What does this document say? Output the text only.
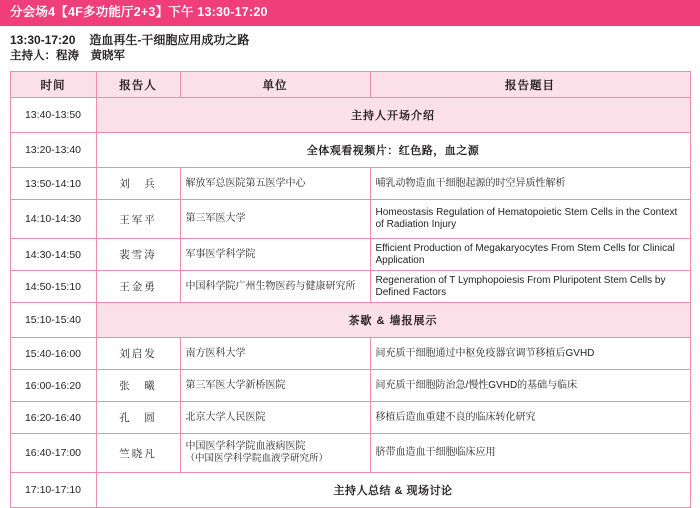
分会场4【4F多功能厅2+3】下午 13:30-17:20
13:30-17:20 造血再生-干细胞应用成功之路
主持人：程涛　黄晓军
时间	报告人	单位	报告题目
13:40-13:50	主持人开场介绍		
13:20-13:40	全体观看视频片：红色路，血之源		
13:50-14:10	刘　兵	解放军总医院第五医学中心	哺乳动物造血干细胞起源的时空异质性解析
14:10-14:30	王军平	第三军医大学	Homeostasis Regulation of Hematopoietic Stem Cells in the Context of Radiation Injury
14:30-14:50	裴雪涛	军事医学科学院	Efficient Production of Megakaryocytes From Stem Cells for Clinical Application
14:50-15:10	王金勇	中国科学院广州生物医药与健康研究所	Regeneration of T Lymphopoiesis From Pluripotent Stem Cells by Defined Factors
15:10-15:40	茶歇 & 墙报展示		
15:40-16:00	刘启发	南方医科大学	间充质干细胞通过中枢免疫器官调节移植后GVHD
16:00-16:20	张　曦	第三军医大学新桥医院	间充质干细胞防治急/慢性GVHD的基础与临床
16:20-16:40	孔　圆	北京大学人民医院	移植后造血重建不良的临床转化研究
16:40-17:00	竺晓凡	中国医学科学院血液病医院
（中国医学科学院血液学研究所）	脐带血造血干细胞临床应用
17:10-17:10	主持人总结 & 现场讨论		
